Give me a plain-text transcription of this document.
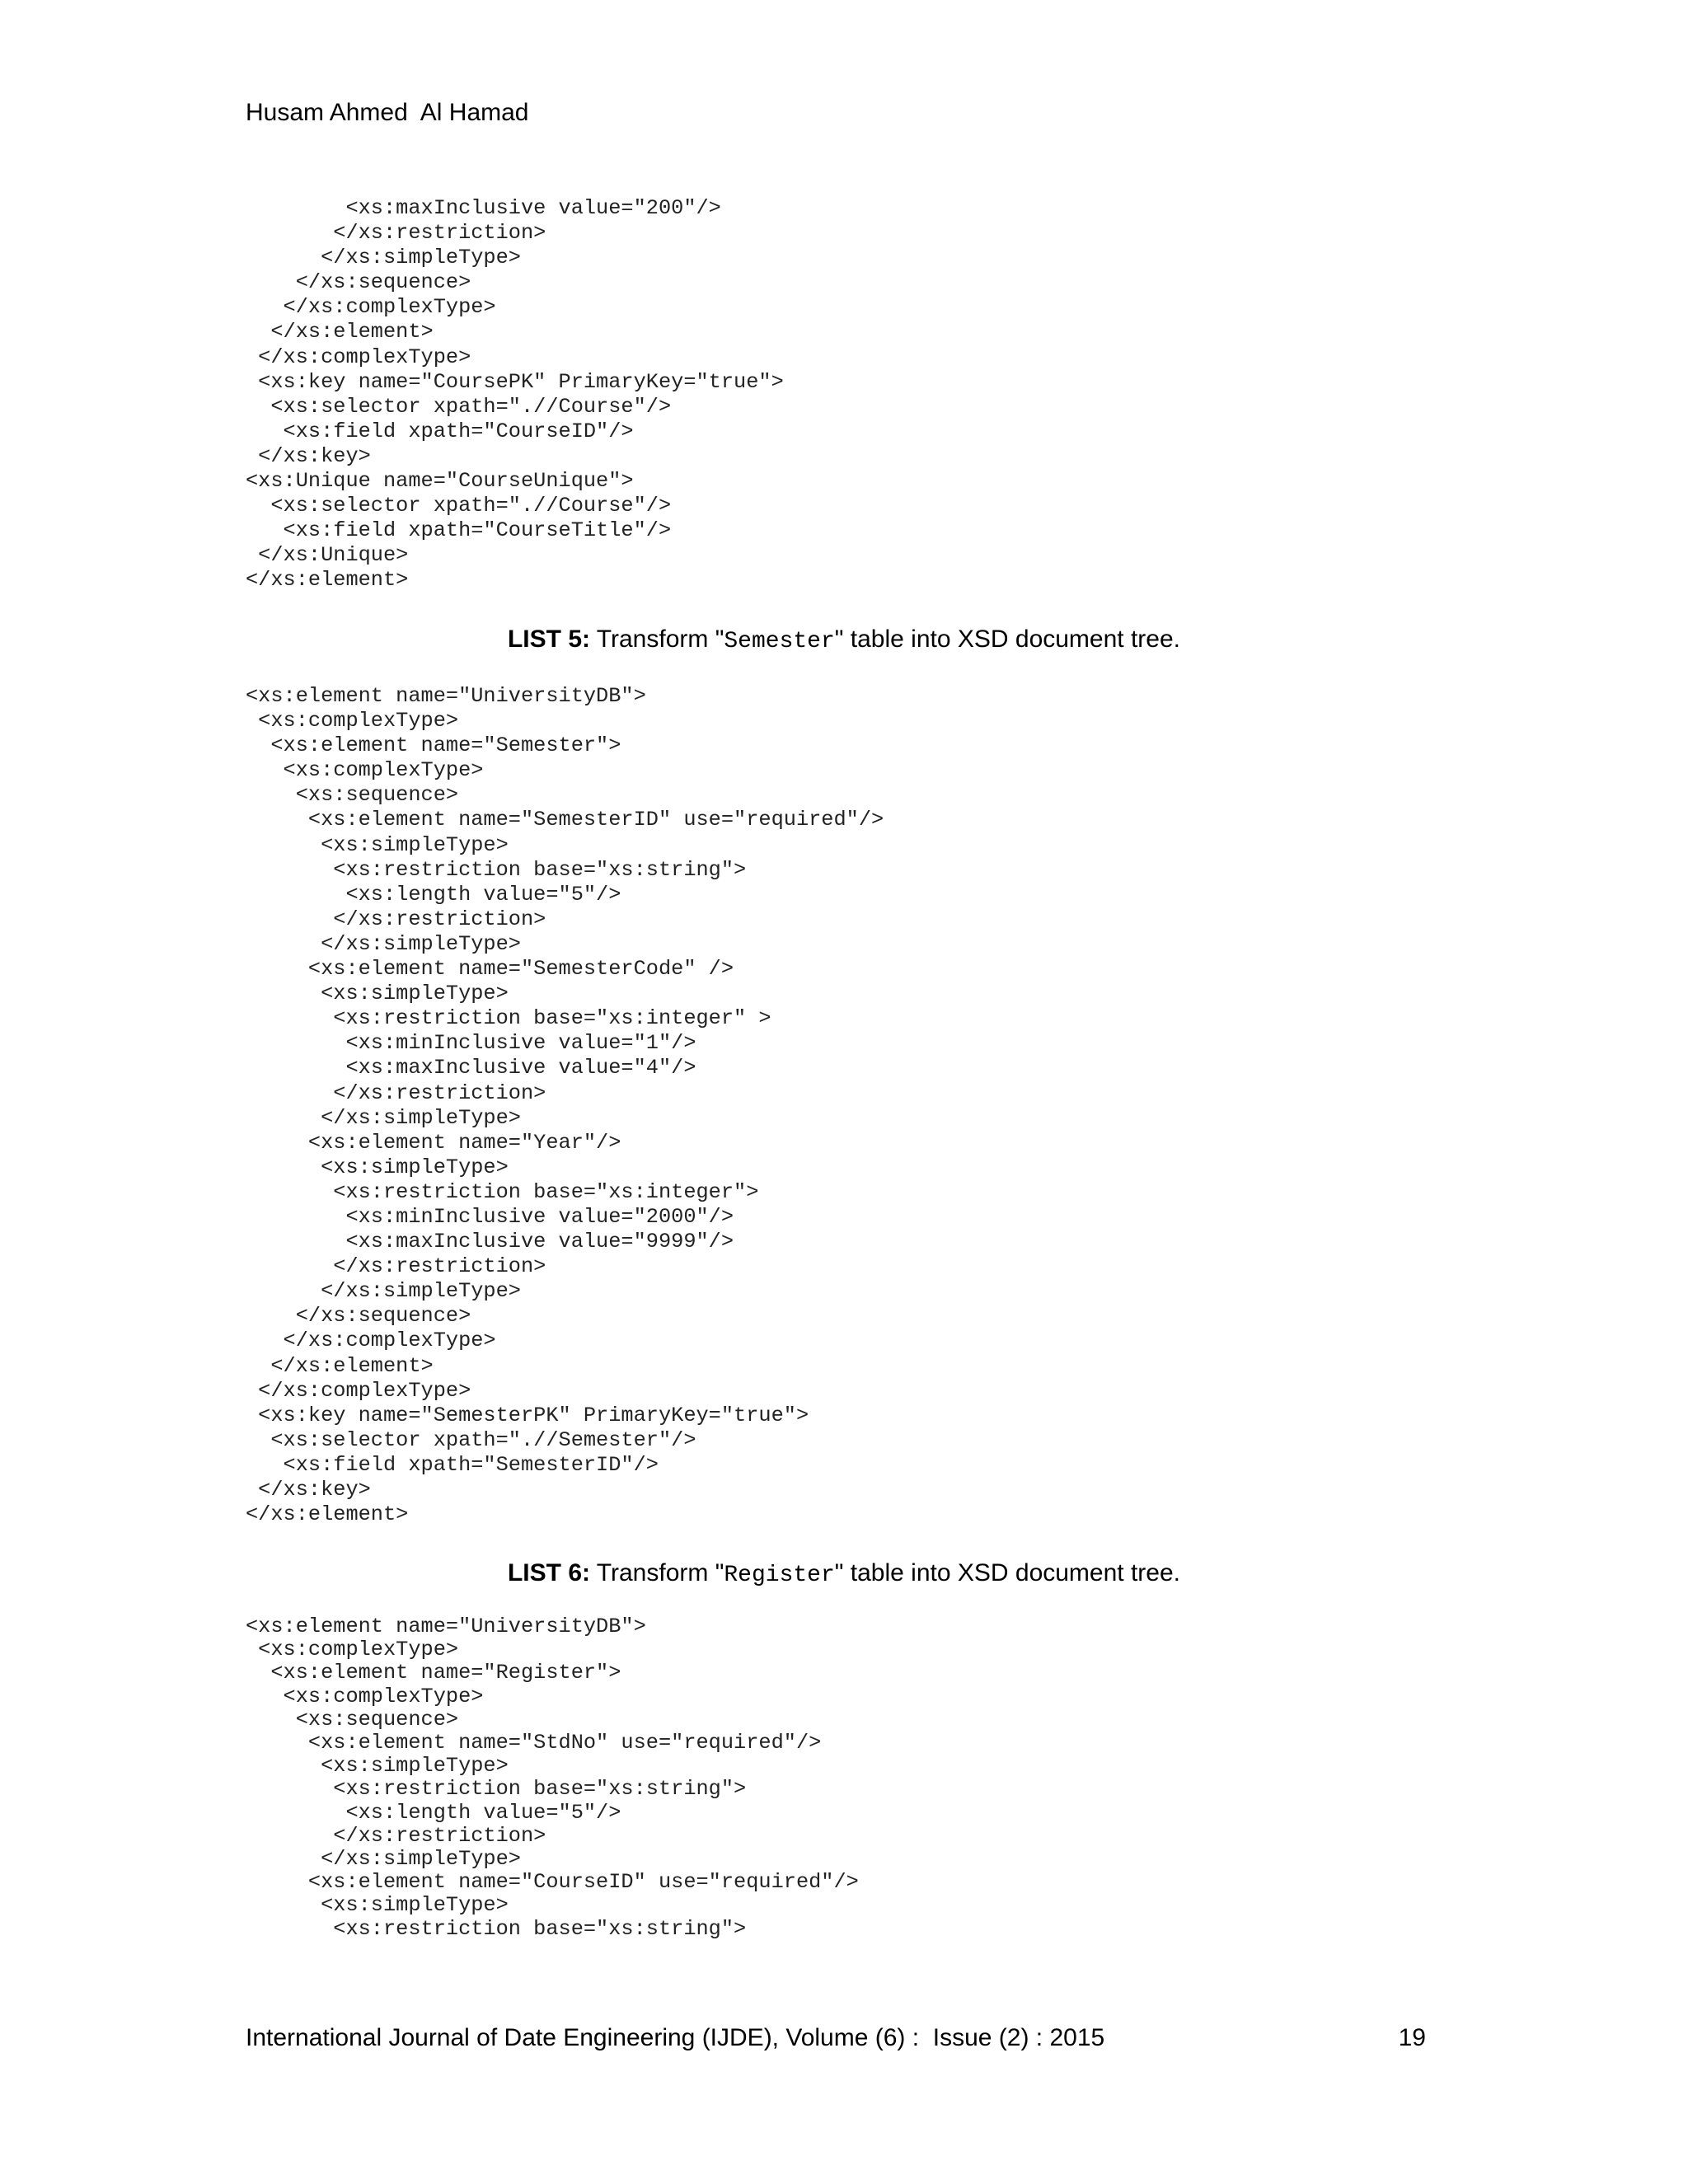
Husam Ahmed  Al Hamad
<xs:maxInclusive value="200"/>
</xs:restriction>
</xs:simpleType>
</xs:sequence>
</xs:complexType>
</xs:element>
</xs:complexType>
<xs:key name="CoursePK" PrimaryKey="true">
<xs:selector xpath=".//Course"/>
<xs:field xpath="CourseID"/>
</xs:key>
<xs:Unique name="CourseUnique">
<xs:selector xpath=".//Course"/>
<xs:field xpath="CourseTitle"/>
</xs:Unique>
</xs:element>
LIST 5: Transform "Semester" table into XSD document tree.
<xs:element name="UniversityDB">
<xs:complexType>
<xs:element name="Semester">
<xs:complexType>
<xs:sequence>
<xs:element name="SemesterID" use="required"/>
<xs:simpleType>
<xs:restriction base="xs:string">
<xs:length value="5"/>
</xs:restriction>
</xs:simpleType>
<xs:element name="SemesterCode" />
<xs:simpleType>
<xs:restriction base="xs:integer" >
<xs:minInclusive value="1"/>
<xs:maxInclusive value="4"/>
</xs:restriction>
</xs:simpleType>
<xs:element name="Year"/>
<xs:simpleType>
<xs:restriction base="xs:integer">
<xs:minInclusive value="2000"/>
<xs:maxInclusive value="9999"/>
</xs:restriction>
</xs:simpleType>
</xs:sequence>
</xs:complexType>
</xs:element>
</xs:complexType>
<xs:key name="SemesterPK" PrimaryKey="true">
<xs:selector xpath=".//Semester"/>
<xs:field xpath="SemesterID"/>
</xs:key>
</xs:element>
LIST 6: Transform "Register" table into XSD document tree.
<xs:element name="UniversityDB">
<xs:complexType>
<xs:element name="Register">
<xs:complexType>
<xs:sequence>
<xs:element name="StdNo" use="required"/>
<xs:simpleType>
<xs:restriction base="xs:string">
<xs:length value="5"/>
</xs:restriction>
</xs:simpleType>
<xs:element name="CourseID" use="required"/>
<xs:simpleType>
<xs:restriction base="xs:string">
International Journal of Date Engineering (IJDE), Volume (6) :  Issue (2) : 2015	19
